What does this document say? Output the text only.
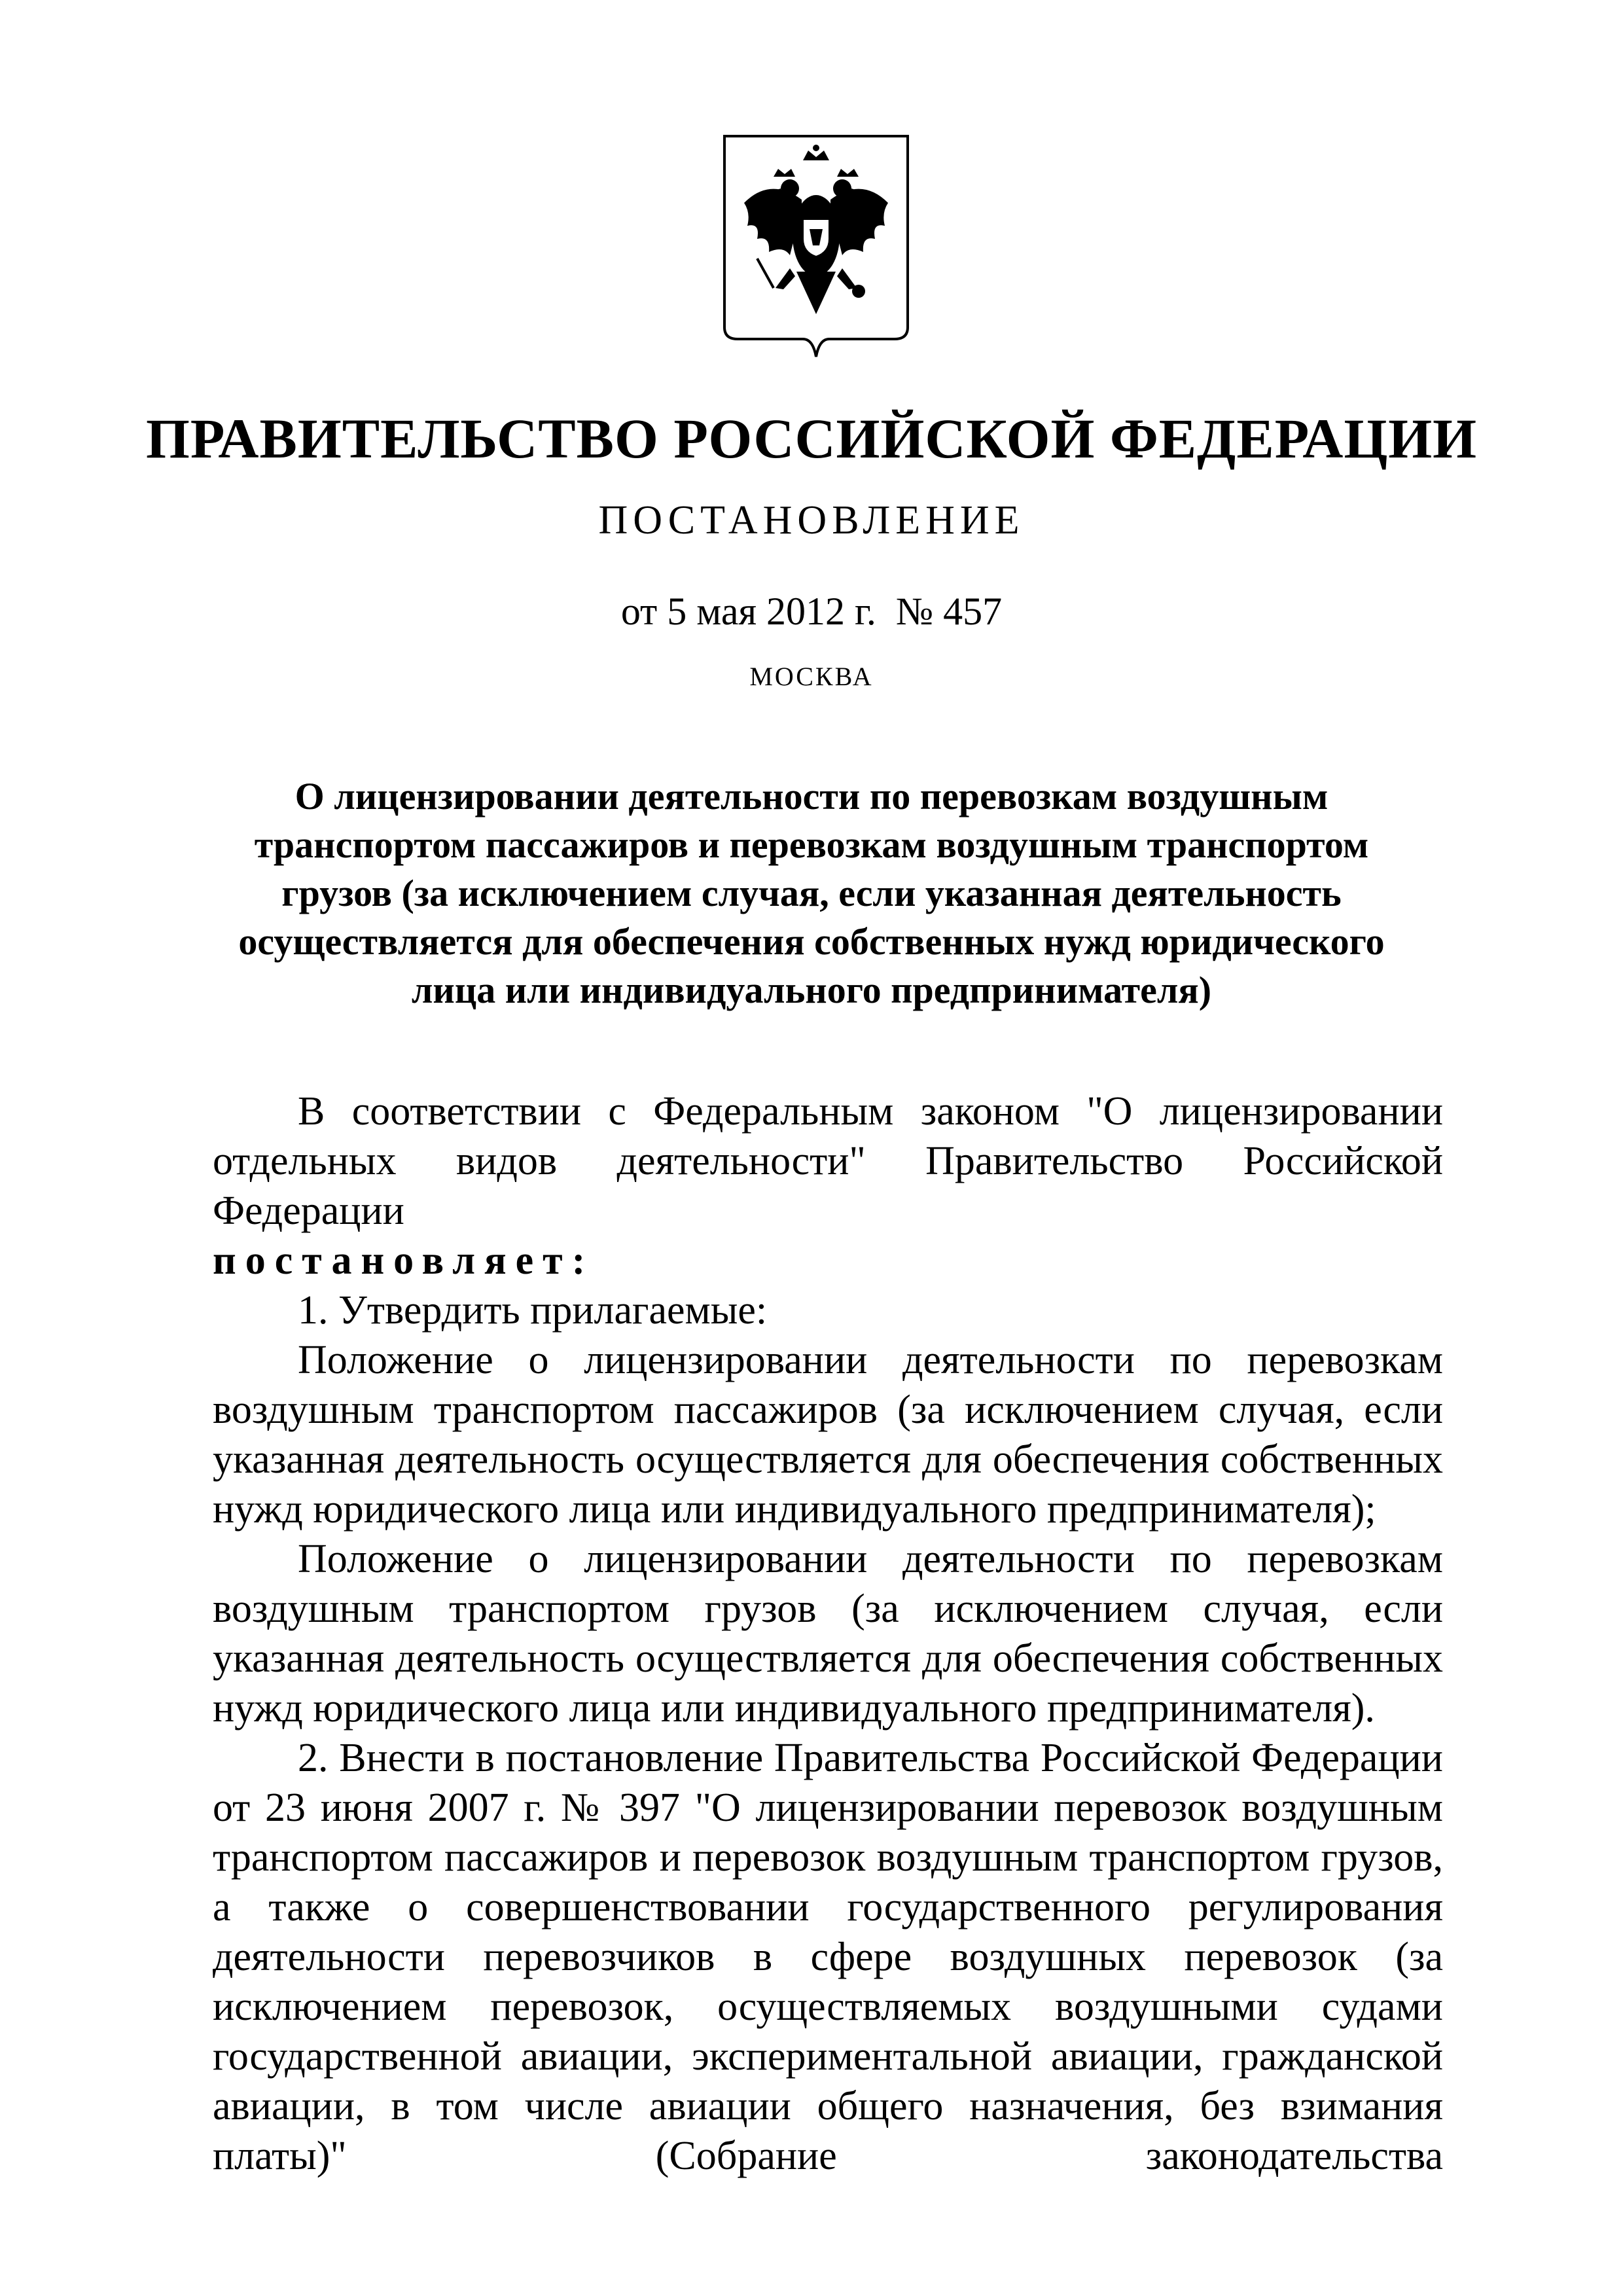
ПРАВИТЕЛЬСТВО РОССИЙСКОЙ ФЕДЕРАЦИИ
ПОСТАНОВЛЕНИЕ
от 5 мая 2012 г. № 457
МОСКВА
О лицензировании деятельности по перевозкам воздушным
транспортом пассажиров и перевозкам воздушным транспортом
грузов (за исключением случая, если указанная деятельность
осуществляется для обеспечения собственных нужд юридического
лица или индивидуального предпринимателя)

В соответствии с Федеральным законом "О лицензировании отдельных видов деятельности" Правительство Российской Федерации

постановляет:

1. Утвердить прилагаемые:

Положение о лицензировании деятельности по перевозкам воздушным транспортом пассажиров (за исключением случая, если указанная деятельность осуществляется для обеспечения собственных нужд юридического лица или индивидуального предпринимателя);

Положение о лицензировании деятельности по перевозкам воздушным транспортом грузов (за исключением случая, если указанная деятельность осуществляется для обеспечения собственных нужд юридического лица или индивидуального предпринимателя).

2. Внести в постановление Правительства Российской Федерации от 23 июня 2007 г. № 397 "О лицензировании перевозок воздушным транспортом пассажиров и перевозок воздушным транспортом грузов, а также о совершенствовании государственного регулирования деятельности перевозчиков в сфере воздушных перевозок (за исключением перевозок, осуществляемых воздушными судами государственной авиации, экспериментальной авиации, гражданской авиации, в том числе авиации общего назначения, без взимания платы)" (Собрание законодательства
